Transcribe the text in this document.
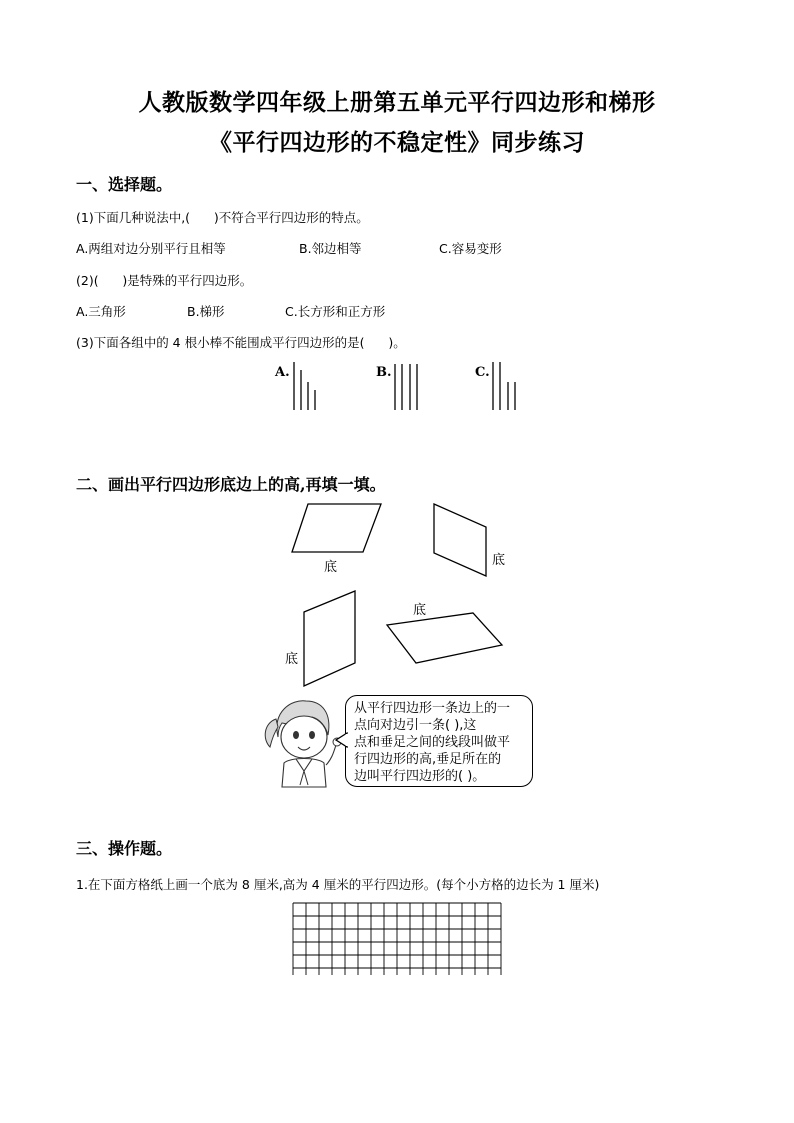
人教版数学四年级上册第五单元平行四边形和梯形
《平行四边形的不稳定性》同步练习
一、选择题。
(1)下面几种说法中,(      )不符合平行四边形的特点。
A.两组对边分别平行且相等	B.邻边相等	C.容易变形
(2)(      )是特殊的平行四边形。
A.三角形	B.梯形	C.长方形和正方形
(3)下面各组中的 4 根小棒不能围成平行四边形的是(      )。
A.	B.	C.
二、画出平行四边形底边上的高,再填一填。
底	底
底
底
从平行四边形一条边上的一
点向对边引一条( ),这
点和垂足之间的线段叫做平
行四边形的高,垂足所在的
边叫平行四边形的( )。
三、操作题。
1.在下面方格纸上画一个底为 8 厘米,高为 4 厘米的平行四边形。(每个小方格的边长为 1 厘米)
